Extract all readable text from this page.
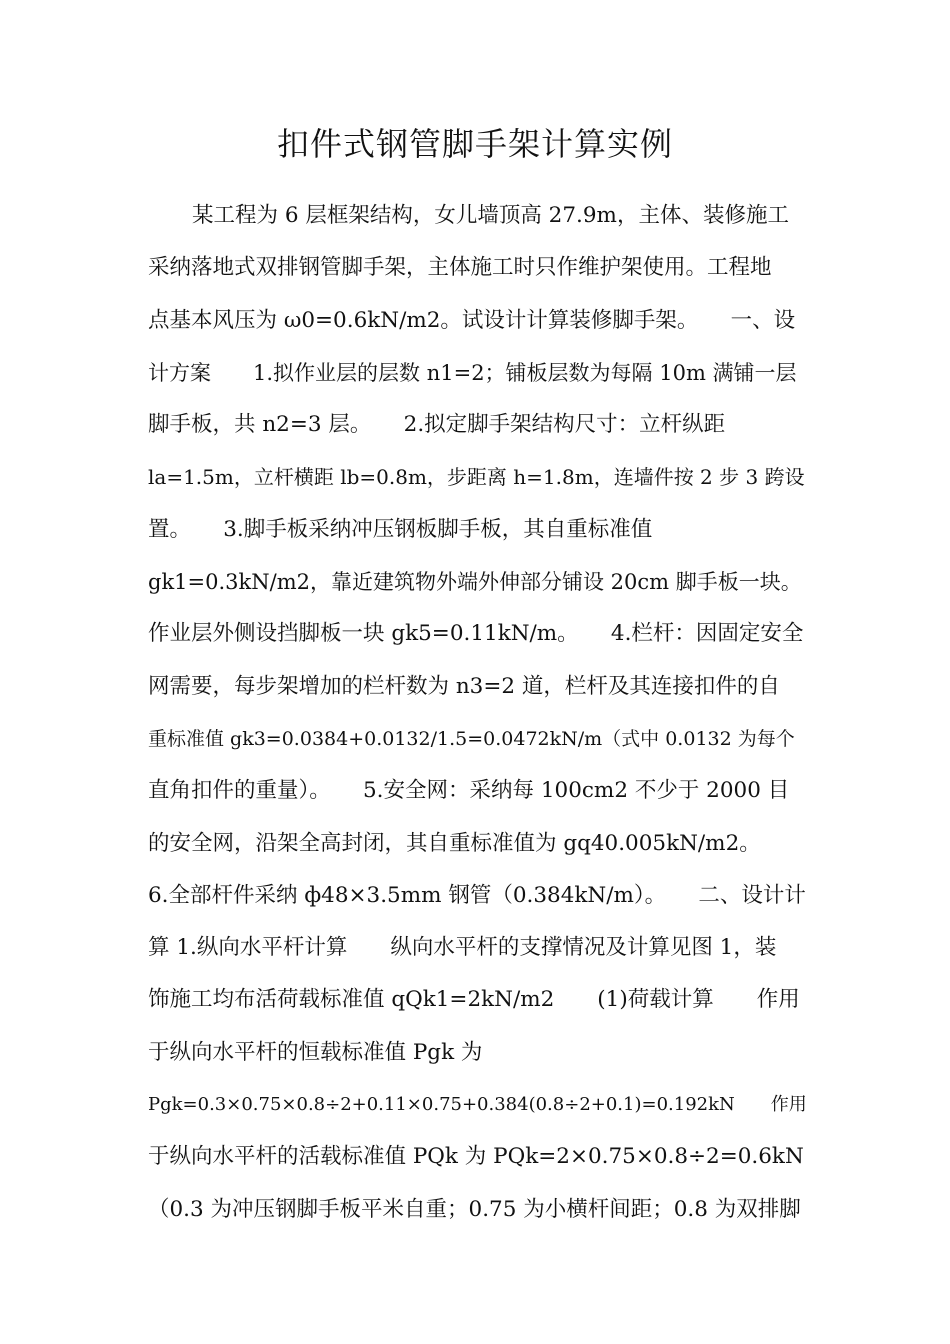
扣件式钢管脚手架计算实例
某工程为 6 层框架结构，女儿墙顶高 27.9m，主体、装修施工
采纳落地式双排钢管脚手架，主体施工时只作维护架使用。工程地
点基本风压为 ω0=0.6kN/m2。试设计计算装修脚手架。　　一、设
计方案　　1.拟作业层的层数 n1=2；铺板层数为每隔 10m 满铺一层
脚手板，共 n2=3 层。　　2.拟定脚手架结构尺寸：立杆纵距
la=1.5m，立杆横距 lb=0.8m，步距离 h=1.8m，连墙件按 2 步 3 跨设
置。　　3.脚手板采纳冲压钢板脚手板，其自重标准值
gk1=0.3kN/m2，靠近建筑物外端外伸部分铺设 20cm 脚手板一块。
作业层外侧设挡脚板一块 gk5=0.11kN/m。　　4.栏杆：因固定安全
网需要，每步架增加的栏杆数为 n3=2 道，栏杆及其连接扣件的自
重标准值 gk3=0.0384+0.0132/1.5=0.0472kN/m（式中 0.0132 为每个
直角扣件的重量）。　　5.安全网：采纳每 100cm2 不少于 2000 目
的安全网，沿架全高封闭，其自重标准值为 gq40.005kN/m2。
6.全部杆件采纳 ф48×3.5mm 钢管（0.384kN/m）。　　二、设计计
算 1.纵向水平杆计算　　纵向水平杆的支撑情况及计算见图 1，装
饰施工均布活荷载标准值 qQk1=2kN/m2　　(1)荷载计算　　作用
于纵向水平杆的恒载标准值 Pgk 为
Pgk=0.3×0.75×0.8÷2+0.11×0.75+0.384(0.8÷2+0.1)=0.192kN　　作用
于纵向水平杆的活载标准值 PQk 为 PQk=2×0.75×0.8÷2=0.6kN
（0.3 为冲压钢脚手板平米自重；0.75 为小横杆间距；0.8 为双排脚
